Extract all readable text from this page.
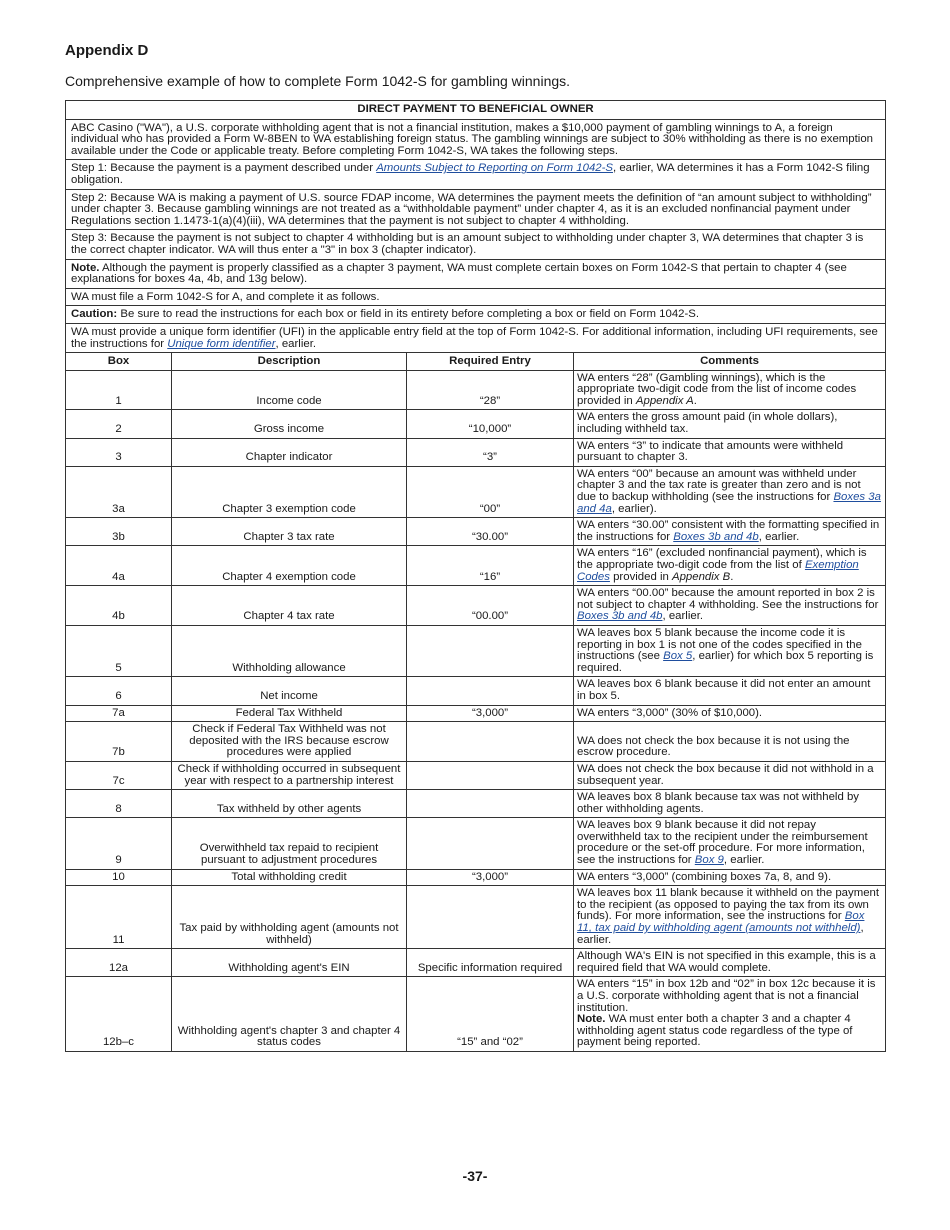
Appendix D
Comprehensive example of how to complete Form 1042-S for gambling winnings.
DIRECT PAYMENT TO BENEFICIAL OWNER			
ABC Casino ("WA"), a U.S. corporate withholding agent that is not a financial institution, makes a $10,000 payment of gambling winnings to A, a foreign individual who has provided a Form W-8BEN to WA establishing foreign status. The gambling winnings are subject to 30% withholding as there is no exemption available under the Code or applicable treaty. Before completing Form 1042-S, WA takes the following steps.			
Step 1: Because the payment is a payment described under Amounts Subject to Reporting on Form 1042-S, earlier, WA determines it has a Form 1042-S filing obligation.			
Step 2: Because WA is making a payment of U.S. source FDAP income, WA determines the payment meets the definition of “an amount subject to withholding” under chapter 3. Because gambling winnings are not treated as a “withholdable payment” under chapter 4, as it is an excluded nonfinancial payment under Regulations section 1.1473-1(a)(4)(iii), WA determines that the payment is not subject to chapter 4 withholding.			
Step 3: Because the payment is not subject to chapter 4 withholding but is an amount subject to withholding under chapter 3, WA determines that chapter 3 is the correct chapter indicator. WA will thus enter a "3" in box 3 (chapter indicator).			
Note. Although the payment is properly classified as a chapter 3 payment, WA must complete certain boxes on Form 1042-S that pertain to chapter 4 (see explanations for boxes 4a, 4b, and 13g below).			
WA must file a Form 1042-S for A, and complete it as follows.			
Caution: Be sure to read the instructions for each box or field in its entirety before completing a box or field on Form 1042-S.			
WA must provide a unique form identifier (UFI) in the applicable entry field at the top of Form 1042-S. For additional information, including UFI requirements, see the instructions for Unique form identifier, earlier.			
Box	Description	Required Entry	Comments
1	Income code	“28”	WA enters “28” (Gambling winnings), which is the appropriate two-digit code from the list of income codes provided in Appendix A.
2	Gross income	“10,000”	WA enters the gross amount paid (in whole dollars), including withheld tax.
3	Chapter indicator	“3”	WA enters “3” to indicate that amounts were withheld pursuant to chapter 3.
3a	Chapter 3 exemption code	“00”	WA enters “00” because an amount was withheld under chapter 3 and the tax rate is greater than zero and is not due to backup withholding (see the instructions for Boxes 3a and 4a, earlier).
3b	Chapter 3 tax rate	“30.00”	WA enters “30.00” consistent with the formatting specified in the instructions for Boxes 3b and 4b, earlier.
4a	Chapter 4 exemption code	“16”	WA enters “16” (excluded nonfinancial payment), which is the appropriate two-digit code from the list of Exemption Codes provided in Appendix B.
4b	Chapter 4 tax rate	“00.00”	WA enters “00.00” because the amount reported in box 2 is not subject to chapter 4 withholding. See the instructions for Boxes 3b and 4b, earlier.
5	Withholding allowance		WA leaves box 5 blank because the income code it is reporting in box 1 is not one of the codes specified in the instructions (see Box 5, earlier) for which box 5 reporting is required.
6	Net income		WA leaves box 6 blank because it did not enter an amount in box 5.
7a	Federal Tax Withheld	“3,000”	WA enters “3,000” (30% of $10,000).
7b	Check if Federal Tax Withheld was not deposited with the IRS because escrow procedures were applied		WA does not check the box because it is not using the escrow procedure.
7c	Check if withholding occurred in subsequent year with respect to a partnership interest		WA does not check the box because it did not withhold in a subsequent year.
8	Tax withheld by other agents		WA leaves box 8 blank because tax was not withheld by other withholding agents.
9	Overwithheld tax repaid to recipient pursuant to adjustment procedures		WA leaves box 9 blank because it did not repay overwithheld tax to the recipient under the reimbursement procedure or the set-off procedure. For more information, see the instructions for Box 9, earlier.
10	Total withholding credit	“3,000”	WA enters “3,000” (combining boxes 7a, 8, and 9).
11	Tax paid by withholding agent (amounts not withheld)		WA leaves box 11 blank because it withheld on the payment to the recipient (as opposed to paying the tax from its own funds). For more information, see the instructions for Box 11, tax paid by withholding agent (amounts not withheld), earlier.
12a	Withholding agent's EIN	Specific information required	Although WA's EIN is not specified in this example, this is a required field that WA would complete.
12b–c	Withholding agent's chapter 3 and chapter 4 status codes	“15” and “02”	WA enters “15” in box 12b and “02” in box 12c because it is a U.S. corporate withholding agent that is not a financial institution.
Note. WA must enter both a chapter 3 and a chapter 4 withholding agent status code regardless of the type of payment being reported.
-37-
